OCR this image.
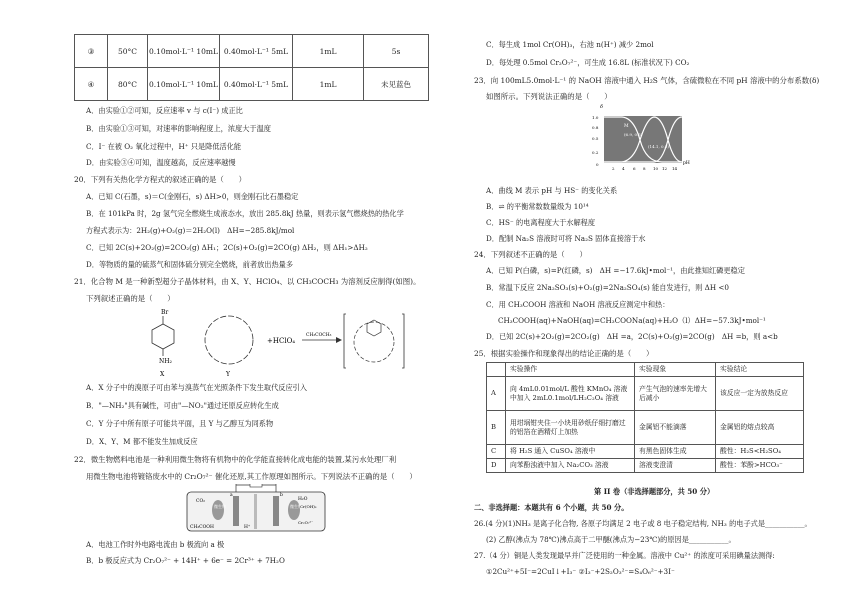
③	50°C	0.10mol·L⁻¹ 10mL	0.40mol·L⁻¹ 5mL	1mL	5s
④	80°C	0.10mol·L⁻¹ 10mL	0.40mol·L⁻¹ 5mL	1mL	未见蓝色
A．由实验①②可知，反应速率 v 与 c(I⁻) 成正比
B．由实验①③可知，对速率的影响程度上，浓度大于温度
C．I⁻ 在被 O₂ 氧化过程中，H⁺ 只是降低活化能
D．由实验③④可知，温度越高，反应速率越慢
20．下列有关热化学方程式的叙述正确的是（　　）
A．已知 C(石墨，s)＝C(金刚石，s) ΔH>0，则金刚石比石墨稳定
B．在 101kPa 时，2g 氢气完全燃烧生成液态水，放出 285.8kJ 热量，则表示氢气燃烧热的热化学
方程式表示为：2H₂(g)+O₂(g)＝2H₂O(l)　ΔH=−285.8kJ/mol
C．已知 2C(s)+2O₂(g)=2CO₂(g) ΔH₁；2C(s)+O₂(g)=2CO(g) ΔH₂，则 ΔH₁>ΔH₂
D．等物质的量的硫蒸气和固体硫分别完全燃烧，前者放出热量多
21．化合物 M 是一种新型超分子晶体材料，由 X、Y、HClO₄、以 CH₃COCH₃ 为溶剂反应制得(如图)。
下列叙述正确的是（　　）
Br
NH₂
X	Y
+HClO₄
CH₃COCH₃
A．X 分子中的溴原子可由苯与溴蒸气在光照条件下发生取代反应引入
B．"—NH₂"具有碱性，可由"—NO₂"通过还原反应转化生成
C．Y 分子中所有原子可能共平面，且 Y 与乙醇互为同系物
D．X、Y、M 都不能发生加成反应
22．微生物燃料电池是一种利用微生物将有机物中的化学能直接转化成电能的装置,某污水处理厂利
用微生物电池将镀铬废水中的 Cr₂O₇²⁻ 催化还原,其工作原理如图所示。下列说法不正确的是（　　）
微生物	微生物
CO₂
CH₃COOH	H⁺
a	b
H₂O
Cr(OH)₃
Cr₂O₇²⁻
A．电池工作时外电路电流由 b 极流向 a 极
B．b 极反应式为 Cr₂O₇²⁻ + 14H⁺ + 6e⁻ = 2Cr³⁺ + 7H₂O
C．每生成 1mol Cr(OH)₃，右池 n(H⁺) 减少 2mol
D．每处理 0.5mol Cr₂O₇²⁻，可生成 16.8L (标准状况下) CO₂
23．向 100mL5.0mol·L⁻¹ 的 NaOH 溶液中通入 H₂S 气体，含硫微粒在不同 pH 溶液中的分布系数(δ)
如图所示。下列说法正确的是（　　）
δ
1.0
0.8
0.5
0.2
0
M
(6.9, 0.5)
(14.1, 0.5)
2 4 6 8 10 12 14
pH
A．曲线 M 表示 pH 与 HS⁻ 的变化关系
B．⇌ 的平衡常数数量级为 10¹⁴
C．HS⁻ 的电离程度大于水解程度
D．配制 Na₂S 溶液时可将 Na₂S 固体直接溶于水
24．下列叙述不正确的是（　　）
A．已知 P(白磷，s)=P(红磷，s)　ΔH =−17.6kJ•mol⁻¹，由此推知红磷更稳定
B．常温下反应 2Na₂SO₃(s)+O₂(g)=2Na₂SO₄(s) 能自发进行，则 ΔH <0
C．用 CH₃COOH 溶液和 NaOH 溶液反应测定中和热：
CH₃COOH(aq)+NaOH(aq)=CH₃COONa(aq)+H₂O（l）ΔH=−57.3kJ•mol⁻¹
D．已知 2C(s)+2O₂(g)=2CO₂(g)　ΔH =a，2C(s)+O₂(g)=2CO(g)　ΔH =b，则 a<b
25．根据实验操作和现象得出的结论正确的是（　　）
	实验操作	实验现象	实验结论
A	向 4mL0.01mol/L 酸性 KMnO₄ 溶液中加入 2mL0.1mol/LH₂C₂O₄ 溶液	产生气泡的速率先增大后减小	该反应一定为放热反应
B	用坩埚钳夹住一小块用砂纸仔细打磨过的铝箔在酒精灯上加热	金属铝不能滴落	金属铝的熔点较高
C	将 H₂S 通入 CuSO₄ 溶液中	有黑色固体生成	酸性：H₂S<H₂SO₄
D	向苯酚浊液中加入 Na₂CO₃ 溶液	溶液变澄清	酸性：苯酚>HCO₃⁻
第 II 卷（非选择题部分，共 50 分）
二、非选择题：本题共有 6 个小题，共 50 分。
26.(4 分)(1)NH₃ 是离子化合物, 各原子均满足 2 电子或 8 电子稳定结构, NH₃ 的电子式是___________。
(2) 乙醇(沸点为 78℃)沸点高于二甲醚(沸点为−23℃)的原因是___________。
27.（4 分）铜是人类发现最早并广泛使用的一种金属。溶液中 Cu²⁺ 的浓度可采用碘量法测得:
①2Cu²⁺+5I⁻=2CuI↓+I₃⁻ ②I₃⁻+2S₂O₃²⁻=S₄O₆²⁻+3I⁻
